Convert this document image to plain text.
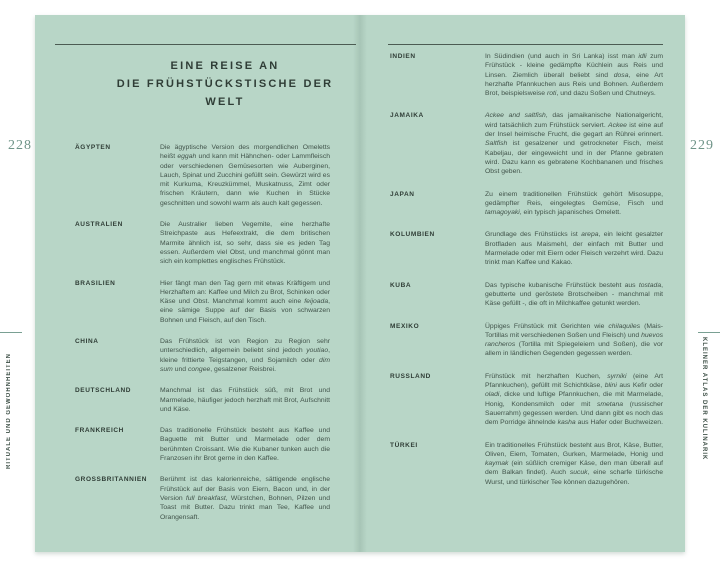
228	229
RITUALE UND GEWOHNHEITEN	KLEINER ATLAS DER KULINARIK
EINE REISE AN
DIE FRÜHSTÜCKSTISCHE DER WELT
ÄGYPTEN	Die ägyptische Version des morgendlichen Omeletts heißt eggah und kann mit Hähnchen- oder Lammfleisch oder verschiedenen Gemüsesorten wie Auberginen, Lauch, Spinat und Zucchini gefüllt sein. Gewürzt wird es mit Kurkuma, Kreuzkümmel, Muskatnuss, Zimt oder frischen Kräutern, dann wie Kuchen in Stücke geschnitten und sowohl warm als auch kalt gegessen.
AUSTRALIEN	Die Australier lieben Vegemite, eine herzhafte Streichpaste aus Hefeextrakt, die dem britischen Marmite ähnlich ist, so sehr, dass sie es jeden Tag essen. Außerdem viel Obst, und manchmal gönnt man sich ein komplettes englisches Frühstück.
BRASILIEN	Hier fängt man den Tag gern mit etwas Kräftigem und Herzhaftem an: Kaffee und Milch zu Brot, Schinken oder Käse und Obst. Manchmal kommt auch eine feijoada, eine sämige Suppe auf der Basis von schwarzen Bohnen und Fleisch, auf den Tisch.
CHINA	Das Frühstück ist von Region zu Region sehr unterschiedlich, allgemein beliebt sind jedoch youtiao, kleine frittierte Teigstangen, und Sojamilch oder dim sum und congee, gesalzener Reisbrei.
DEUTSCHLAND	Manchmal ist das Frühstück süß, mit Brot und Marmelade, häufiger jedoch herzhaft mit Brot, Aufschnitt und Käse.
FRANKREICH	Das traditionelle Frühstück besteht aus Kaffee und Baguette mit Butter und Marmelade oder dem berühmten Croissant. Wie die Kubaner tunken auch die Franzosen ihr Brot gerne in den Kaffee.
GROSSBRITANNIEN	Berühmt ist das kalorienreiche, sättigende englische Frühstück auf der Basis von Eiern, Bacon und, in der Version full breakfast, Würstchen, Bohnen, Pilzen und Toast mit Butter. Dazu trinkt man Tee, Kaffee und Orangensaft.
INDIEN	In Südindien (und auch in Sri Lanka) isst man idli zum Frühstück - kleine gedämpfte Küchlein aus Reis und Linsen. Ziemlich überall beliebt sind dosa, eine Art herzhafte Pfannkuchen aus Reis und Bohnen. Außerdem Brot, beispielsweise roti, und dazu Soßen und Chutneys.
JAMAIKA	Ackee and saltfish, das jamaikanische Nationalgericht, wird tatsächlich zum Frühstück serviert. Ackee ist eine auf der Insel heimische Frucht, die gegart an Rührei erinnert. Saltfish ist gesalzener und getrockneter Fisch, meist Kabeljau, der eingeweicht und in der Pfanne gebraten wird. Dazu kann es gebratene Kochbananen und frisches Obst geben.
JAPAN	Zu einem traditionellen Frühstück gehört Misosuppe, gedämpfter Reis, eingelegtes Gemüse, Fisch und tamagoyaki, ein typisch japanisches Omelett.
KOLUMBIEN	Grundlage des Frühstücks ist arepa, ein leicht gesalzter Brotfladen aus Maismehl, der einfach mit Butter und Marmelade oder mit Eiern oder Fleisch verzehrt wird. Dazu trinkt man Kaffee und Kakao.
KUBA	Das typische kubanische Frühstück besteht aus tostada, gebutterte und geröstete Brotscheiben - manchmal mit Käse gefüllt -, die oft in Milchkaffee getunkt werden.
MEXIKO	Üppiges Frühstück mit Gerichten wie chilaquiles (Mais-Tortillas mit verschiedenen Soßen und Fleisch) und huevos rancheros (Tortilla mit Spiegeleiern und Soßen), die vor allem in ländlichen Gegenden gegessen werden.
RUSSLAND	Frühstück mit herzhaften Kuchen, syrniki (eine Art Pfannkuchen), gefüllt mit Schichtkäse, blini aus Kefir oder oladi, dicke und luftige Pfannkuchen, die mit Marmelade, Honig, Kondensmilch oder mit smetana (russischer Sauerrahm) gegessen werden. Und dann gibt es noch das dem Porridge ähnelnde kasha aus Hafer oder Buchweizen.
TÜRKEI	Ein traditionelles Frühstück besteht aus Brot, Käse, Butter, Oliven, Eiern, Tomaten, Gurken, Marmelade, Honig und kaymak (ein süßlich cremiger Käse, den man überall auf dem Balkan findet). Auch sucuk, eine scharfe türkische Wurst, und türkischer Tee können dazugehören.
